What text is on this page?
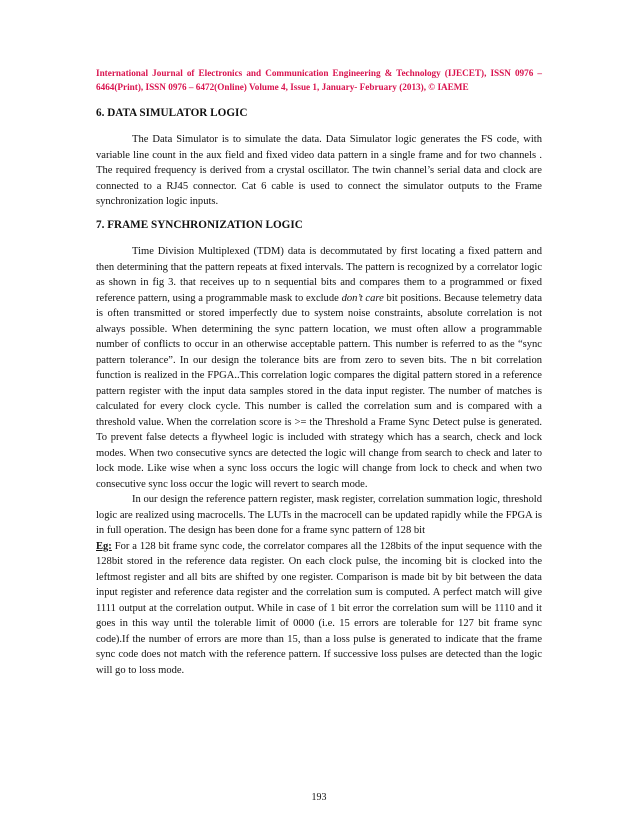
International Journal of Electronics and Communication Engineering & Technology (IJECET), ISSN 0976 – 6464(Print), ISSN 0976 – 6472(Online) Volume 4, Issue 1, January- February (2013), © IAEME
6. DATA SIMULATOR LOGIC

The Data Simulator is to simulate the data. Data Simulator logic generates the FS code, with variable line count in the aux field and fixed video data pattern in a single frame and for two channels . The required frequency is derived from a crystal oscillator. The twin channel’s serial data and clock are connected to a RJ45 connector. Cat 6 cable is used to connect the simulator outputs to the Frame synchronization logic inputs.

7. FRAME SYNCHRONIZATION LOGIC

Time Division Multiplexed (TDM) data is decommutated by first locating a fixed pattern and then determining that the pattern repeats at fixed intervals. The pattern is recognized by a correlator logic as shown in fig 3. that receives up to n sequential bits and compares them to a programmed or fixed reference pattern, using a programmable mask to exclude don’t care bit positions. Because telemetry data is often transmitted or stored imperfectly due to system noise constraints, absolute correlation is not always possible. When determining the sync pattern location, we must often allow a programmable number of conflicts to occur in an otherwise acceptable pattern. This number is referred to as the “sync pattern tolerance”. In our design the tolerance bits are from zero to seven bits. The n bit correlation function is realized in the FPGA..This correlation logic compares the digital pattern stored in a reference pattern register with the input data samples stored in the data input register. The number of matches is calculated for every clock cycle. This number is called the correlation sum and is compared with a threshold value. When the correlation score is >= the Threshold a Frame Sync Detect pulse is generated. To prevent false detects a flywheel logic is included with strategy which has a search, check and lock modes. When two consecutive syncs are detected the logic will change from search to check and later to lock mode. Like wise when a sync loss occurs the logic will change from lock to check and when two consecutive sync loss occur the logic will revert to search mode.

In our design the reference pattern register, mask register, correlation summation logic, threshold logic are realized using macrocells. The LUTs in the macrocell can be updated rapidly while the FPGA is in full operation. The design has been done for a frame sync pattern of 128 bit

Eg: For a 128 bit frame sync code, the correlator compares all the 128bits of the input sequence with the 128bit stored in the reference data register. On each clock pulse, the incoming bit is clocked into the leftmost register and all bits are shifted by one register. Comparison is made bit by bit between the data input register and reference data register and the correlation sum is computed. A perfect match will give 1111 output at the correlation output. While in case of 1 bit error the correlation sum will be 1110 and it goes in this way until the tolerable limit of 0000 (i.e. 15 errors are tolerable for 127 bit frame sync code).If the number of errors are more than 15, than a loss pulse is generated to indicate that the frame sync code does not match with the reference pattern. If successive loss pulses are detected than the logic will go to loss mode.

193
